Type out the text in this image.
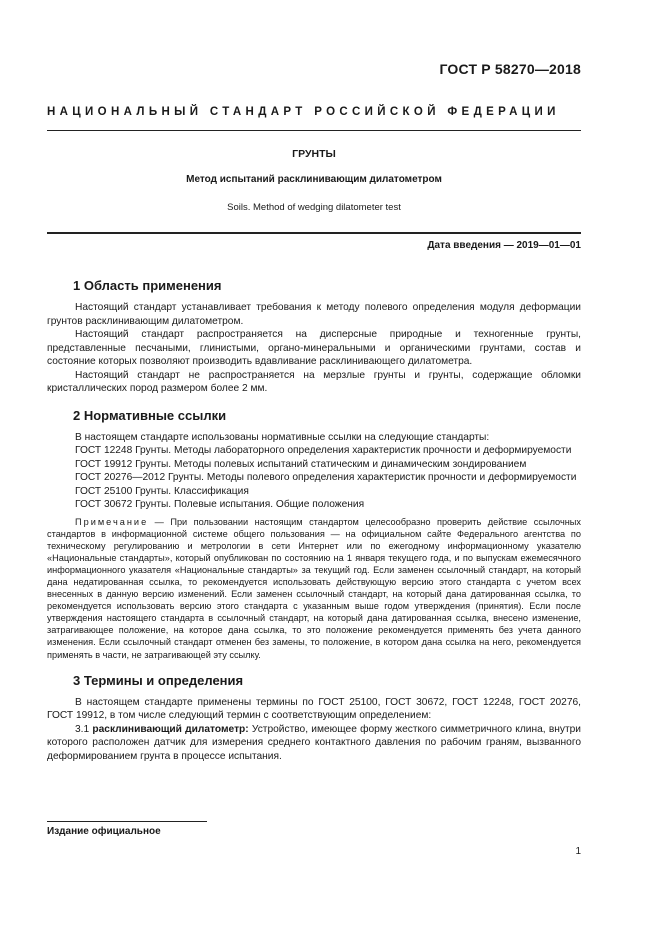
ГОСТ Р 58270—2018
НАЦИОНАЛЬНЫЙ СТАНДАРТ РОССИЙСКОЙ ФЕДЕРАЦИИ
ГРУНТЫ
Метод испытаний расклинивающим дилатометром
Soils. Method of wedging dilatometer test
Дата введения — 2019—01—01
1 Область применения

Настоящий стандарт устанавливает требования к методу полевого определения модуля деформации грунтов расклинивающим дилатометром.

Настоящий стандарт распространяется на дисперсные природные и техногенные грунты, представленные песчаными, глинистыми, органо-минеральными и органическими грунтами, состав и состояние которых позволяют производить вдавливание расклинивающего дилатометра.

Настоящий стандарт не распространяется на мерзлые грунты и грунты, содержащие обломки кристаллических пород размером более 2 мм.

2 Нормативные ссылки

В настоящем стандарте использованы нормативные ссылки на следующие стандарты:

ГОСТ 12248 Грунты. Методы лабораторного определения характеристик прочности и деформируемости

ГОСТ 19912 Грунты. Методы полевых испытаний статическим и динамическим зондированием

ГОСТ 20276—2012 Грунты. Методы полевого определения характеристик прочности и деформируемости

ГОСТ 25100 Грунты. Классификация

ГОСТ 30672 Грунты. Полевые испытания. Общие положения

Примечание — При пользовании настоящим стандартом целесообразно проверить действие ссылочных стандартов в информационной системе общего пользования — на официальном сайте Федерального агентства по техническому регулированию и метрологии в сети Интернет или по ежегодному информационному указателю «Национальные стандарты», который опубликован по состоянию на 1 января текущего года, и по выпускам ежемесячного информационного указателя «Национальные стандарты» за текущий год. Если заменен ссылочный стандарт, на который дана недатированная ссылка, то рекомендуется использовать действующую версию этого стандарта с учетом всех внесенных в данную версию изменений. Если заменен ссылочный стандарт, на который дана датированная ссылка, то рекомендуется использовать версию этого стандарта с указанным выше годом утверждения (принятия). Если после утверждения настоящего стандарта в ссылочный стандарт, на который дана датированная ссылка, внесено изменение, затрагивающее положение, на которое дана ссылка, то это положение рекомендуется применять без учета данного изменения. Если ссылочный стандарт отменен без замены, то положение, в котором дана ссылка на него, рекомендуется применять в части, не затрагивающей эту ссылку.
3 Термины и определения

В настоящем стандарте применены термины по ГОСТ 25100, ГОСТ 30672, ГОСТ 12248, ГОСТ 20276, ГОСТ 19912, в том числе следующий термин с соответствующим определением:

3.1 расклинивающий дилатометр: Устройство, имеющее форму жесткого симметричного клина, внутри которого расположен датчик для измерения среднего контактного давления по рабочим граням, вызванного деформированием грунта в процессе испытания.

Издание официальное
1
